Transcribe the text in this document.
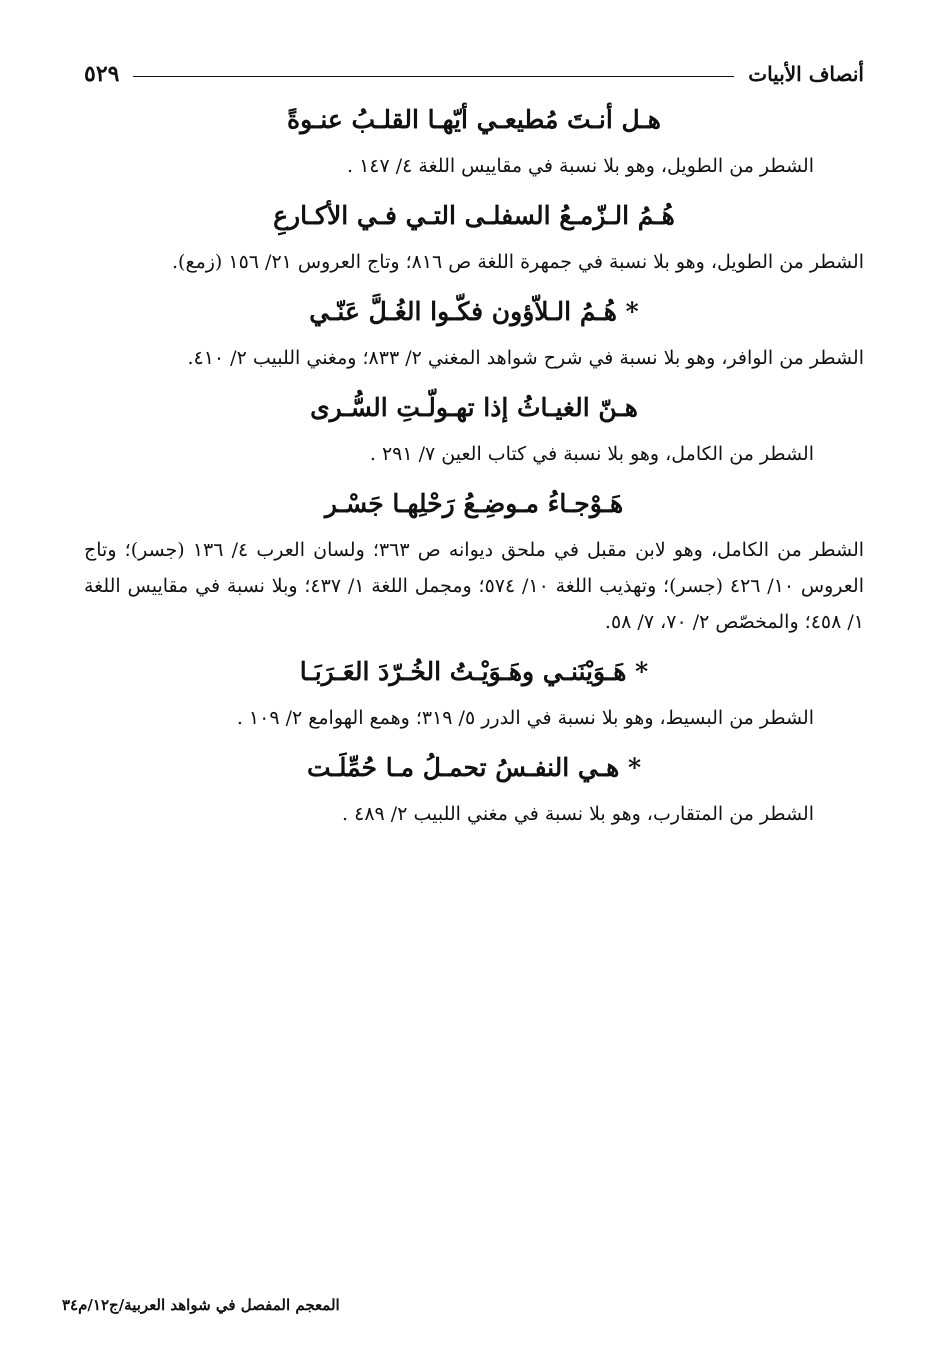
أنصاف الأبيات
٥٢٩

هـل أنـتَ مُطيعـي أيّهـا القلـبُ عنـوةً

الشطر من الطويل، وهو بلا نسبة في مقاييس اللغة ٤/ ١٤٧ .

هُـمُ الـزّمـعُ السفلـى التـي فـي الأكـارعِ

الشطر من الطويل، وهو بلا نسبة في جمهرة اللغة ص ٨١٦؛ وتاج العروس ٢١/ ١٥٦ (زمع).

* هُـمُ الـلاّؤون فكّـوا الغُـلَّ عَنّـي

الشطر من الوافر، وهو بلا نسبة في شرح شواهد المغني ٢/ ٨٣٣؛ ومغني اللبيب ٢/ ٤١٠.

هـنّ الغيـاثُ إذا تهـولّـتِ السُّـرى

الشطر من الكامل، وهو بلا نسبة في كتاب العين ٧/ ٢٩١ .

هَـوْجـاءُ مـوضِـعُ رَحْلِهـا جَسْـر

الشطر من الكامل، وهو لابن مقبل في ملحق ديوانه ص ٣٦٣؛ ولسان العرب ٤/ ١٣٦ (جسر)؛ وتاج العروس ١٠/ ٤٢٦ (جسر)؛ وتهذيب اللغة ١٠/ ٥٧٤؛ ومجمل اللغة ١/ ٤٣٧؛ وبلا نسبة في مقاييس اللغة ١/ ٤٥٨؛ والمخصّص ٢/ ٧٠، ٧/ ٥٨.

* هَـوَيْنَنـي وهَـوَيْـتُ الخُـرّدَ العَـرَبَـا

الشطر من البسيط، وهو بلا نسبة في الدرر ٥/ ٣١٩؛ وهمع الهوامع ٢/ ١٠٩ .

* هـي النفـسُ تحمـلُ مـا حُمِّلَـت

الشطر من المتقارب، وهو بلا نسبة في مغني اللبيب ٢/ ٤٨٩ .

المعجم المفصل في شواهد العربية/ج١٢/م٣٤
